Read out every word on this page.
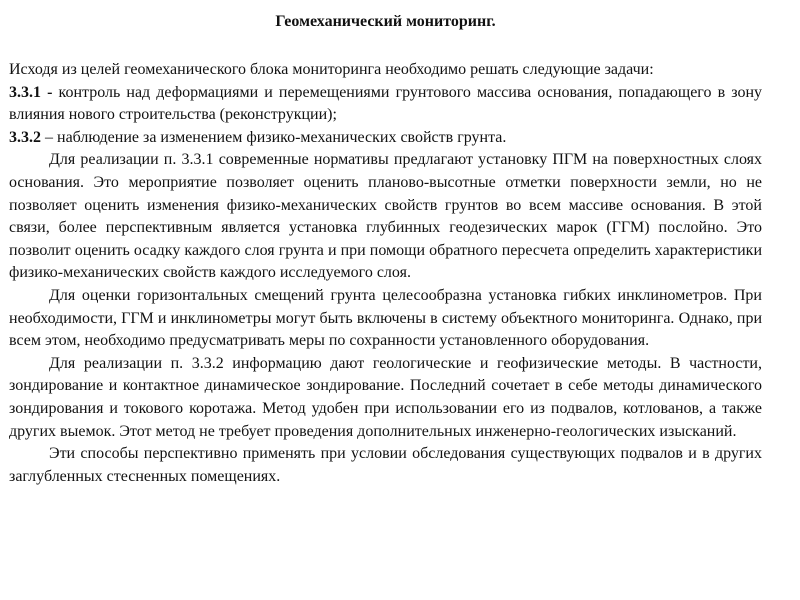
Геомеханический мониторинг.

Исходя из целей геомеханического блока мониторинга необходимо решать следующие задачи:

3.3.1 - контроль над деформациями и перемещениями грунтового массива основания, попадающего в зону влияния нового строительства (реконструкции);

3.3.2 – наблюдение за изменением физико-механических свойств грунта.

Для реализации п. 3.3.1 современные нормативы предлагают установку ПГМ на поверхностных слоях основания. Это мероприятие позволяет оценить планово-высотные отметки поверхности земли, но не позволяет оценить изменения физико-механических свойств грунтов во всем массиве основания. В этой связи, более перспективным является установка глубинных геодезических марок (ГГМ) послойно. Это позволит оценить осадку каждого слоя грунта и при помощи обратного пересчета определить характеристики физико-механических свойств каждого исследуемого слоя.

Для оценки горизонтальных смещений грунта целесообразна установка гибких инклинометров. При необходимости, ГГМ и инклинометры могут быть включены в систему объектного мониторинга. Однако, при всем этом, необходимо предусматривать меры по сохранности установленного оборудования.

Для реализации п. 3.3.2 информацию дают геологические и геофизические методы. В частности, зондирование и контактное динамическое зондирование. Последний сочетает в себе методы динамического зондирования и токового коротажа. Метод удобен при использовании его из подвалов, котлованов, а также других выемок. Этот метод не требует проведения дополнительных инженерно-геологических изысканий.

Эти способы перспективно применять при условии обследования существующих подвалов и в других заглубленных стесненных помещениях.
